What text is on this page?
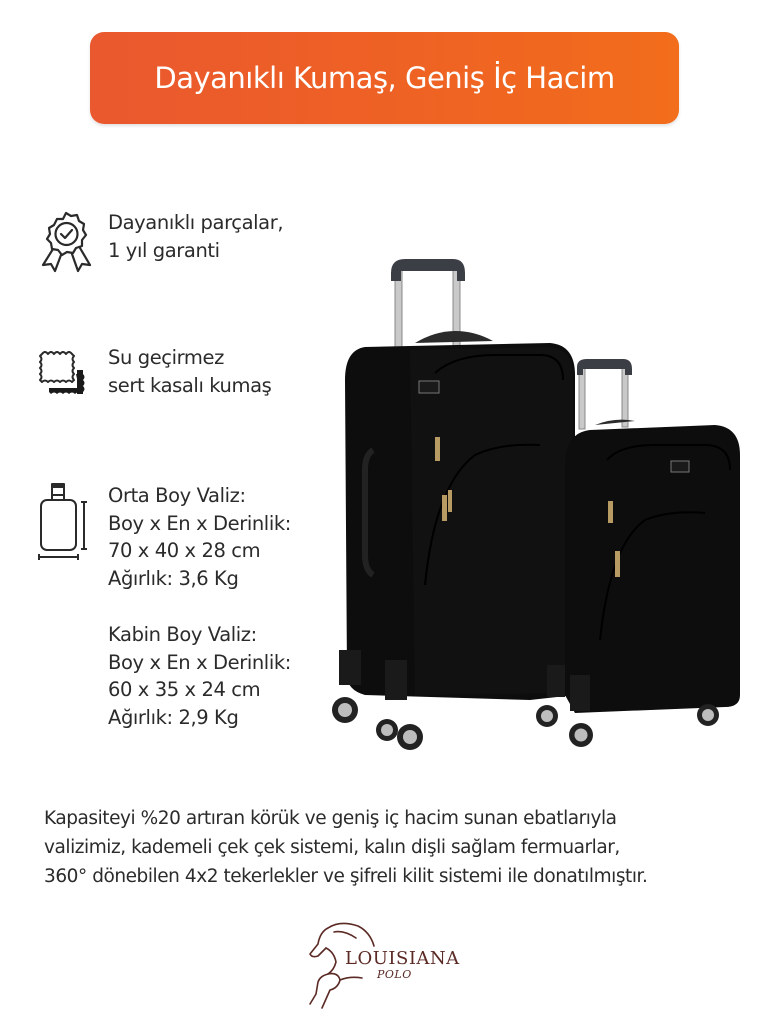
Dayanıklı Kumaş, Geniş İç Hacim
Dayanıklı parçalar,
1 yıl garanti
Su geçirmez
sert kasalı kumaş
Orta Boy Valiz:
Boy x En x Derinlik:
70 x 40 x 28 cm
Ağırlık: 3,6 Kg
Kabin Boy Valiz:
Boy x En x Derinlik:
60 x 35 x 24 cm
Ağırlık: 2,9 Kg
Kapasiteyi %20 artıran körük ve geniş iç hacim sunan ebatlarıyla
valizimiz, kademeli çek çek sistemi, kalın dişli sağlam fermuarlar,
360° dönebilen 4x2 tekerlekler ve şifreli kilit sistemi ile donatılmıştır.
LOUISIANA
POLO
